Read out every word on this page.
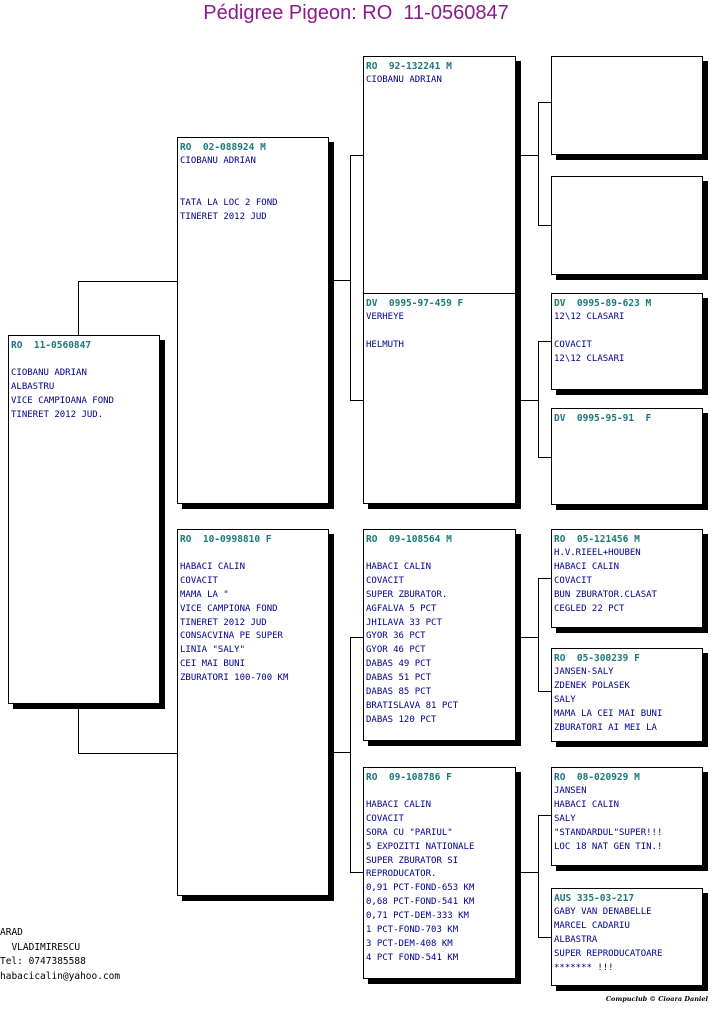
Pédigree Pigeon: RO  11-0560847
RO  11-0560847

CIOBANU ADRIAN
ALBASTRU
VICE CAMPIOANA FOND
TINERET 2012 JUD.
RO  02-088924 M
CIOBANU ADRIAN

TATA LA LOC 2 FOND
TINERET 2012 JUD
RO  10-0998810 F

HABACI CALIN
COVACIT
MAMA LA "
VICE CAMPIONA FOND
TINERET 2012 JUD
CONSACVINA PE SUPER
LINIA "SALY"
CEI MAI BUNI
ZBURATORI 100-700 KM
RO  92-132241 M
CIOBANU ADRIAN
DV  0995-97-459 F
VERHEYE

HELMUTH
RO  09-108564 M

HABACI CALIN
COVACIT
SUPER ZBURATOR.
AGFALVA 5 PCT
JHILAVA 33 PCT
GYOR 36 PCT
GYOR 46 PCT
DABAS 49 PCT
DABAS 51 PCT
DABAS 85 PCT
BRATISLAVA 81 PCT
DABAS 120 PCT
RO  09-108786 F

HABACI CALIN
COVACIT
SORA CU "PARIUL"
5 EXPOZITI NATIONALE
SUPER ZBURATOR SI
REPRODUCATOR.
0,91 PCT-FOND-653 KM
0,68 PCT-FOND-541 KM
0,71 PCT-DEM-333 KM
1 PCT-FOND-703 KM
3 PCT-DEM-408 KM
4 PCT FOND-541 KM
DV  0995-89-623 M
12\12 CLASARI

COVACIT
12\12 CLASARI
DV  0995-95-91  F
RO  05-121456 M
H.V.RIEEL+HOUBEN
HABACI CALIN
COVACIT
BUN ZBURATOR.CLASAT
CEGLED 22 PCT
RO  05-300239 F
JANSEN-SALY
ZDENEK POLASEK
SALY
MAMA LA CEI MAI BUNI
ZBURATORI AI MEI LA
RO  08-020929 M
JANSEN
HABACI CALIN
SALY
"STANDARDUL"SUPER!!!
LOC 18 NAT GEN TIN.!
AUS 335-03-217
GABY VAN DENABELLE
MARCEL CADARIU
ALBASTRA
SUPER REPRODUCATOARE
******* !!!
ARAD
VLADIMIRESCU
Tel: 0747385588
habacicalin@yahoo.com
Compuclub © Cioara Daniel
